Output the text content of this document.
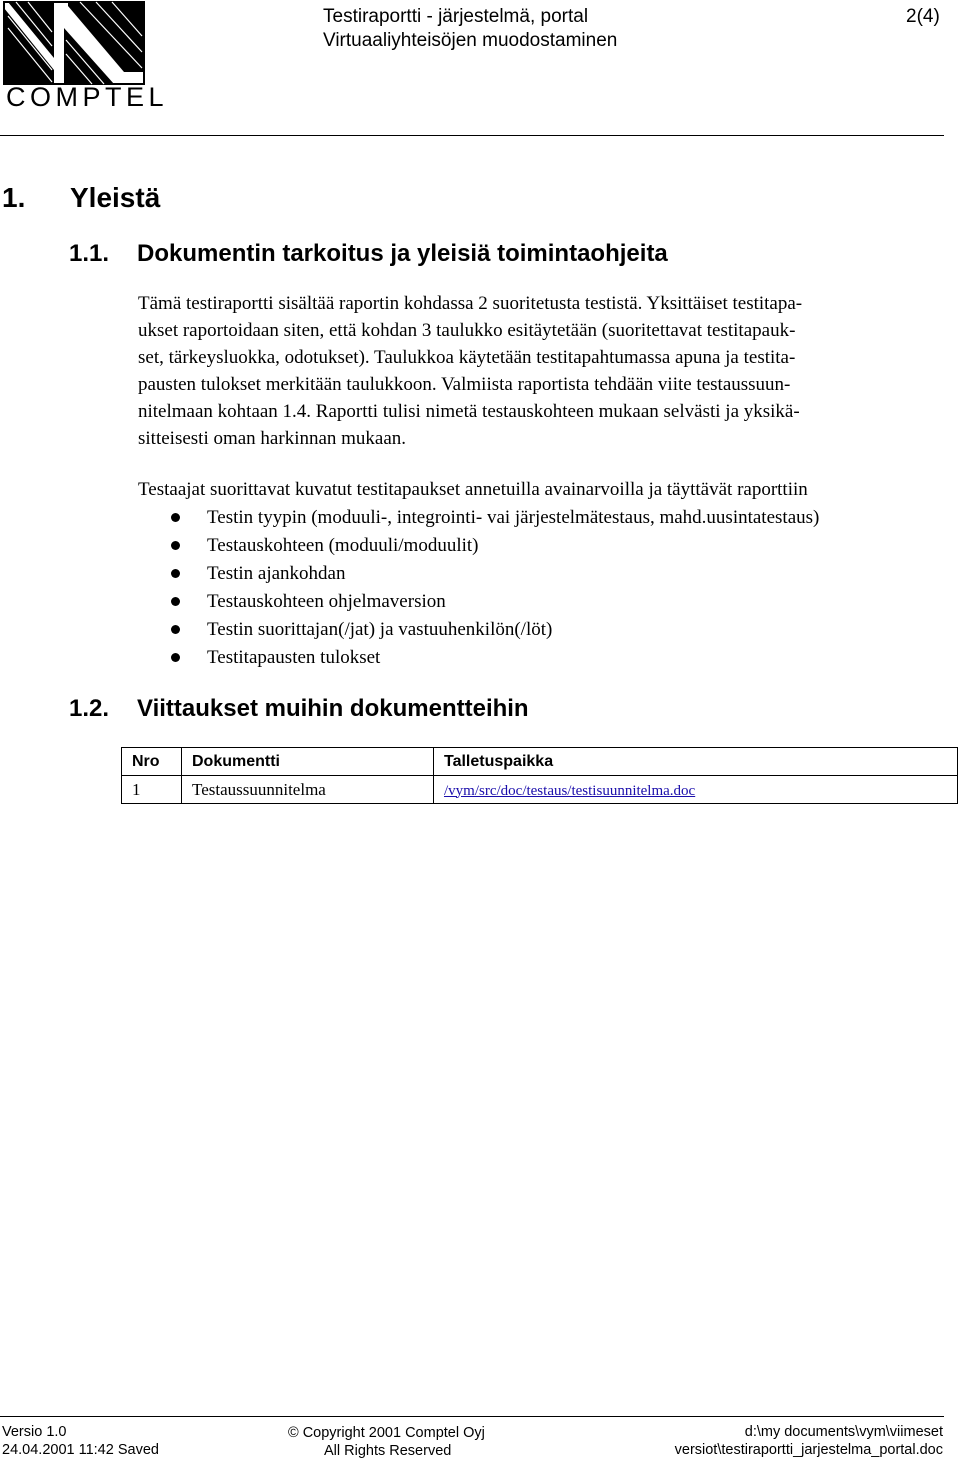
COMPTEL
Testiraportti - järjestelmä, portal
Virtuaaliyhteisöjen muodostaminen
2(4)
1. Yleistä
1.1. Dokumentin tarkoitus ja yleisiä toimintaohjeita
Tämä testiraportti sisältää raportin kohdassa 2 suoritetusta testistä. Yksittäiset testitapa-
ukset raportoidaan siten, että kohdan 3 taulukko esitäytetään (suoritettavat testitapauk-
set, tärkeysluokka, odotukset). Taulukkoa käytetään testitapahtumassa apuna ja testita-
pausten tulokset merkitään taulukkoon. Valmiista raportista tehdään viite testaussuun-
nitelmaan kohtaan 1.4. Raportti tulisi nimetä testauskohteen mukaan selvästi ja yksikä-
sitteisesti oman harkinnan mukaan.
Testaajat suorittavat kuvatut testitapaukset annetuilla avainarvoilla ja täyttävät raporttiin
Testin tyypin (moduuli-, integrointi- vai järjestelmätestaus, mahd.uusintatestaus)
Testauskohteen (moduuli/moduulit)
Testin ajankohdan
Testauskohteen ohjelmaversion
Testin suorittajan(/jat) ja vastuuhenkilön(/löt)
Testitapausten tulokset
1.2. Viittaukset muihin dokumentteihin
Nro	Dokumentti	Talletuspaikka
1	Testaussuunnitelma	/vym/src/doc/testaus/testisuunnitelma.doc
Versio 1.0
24.04.2001 11:42 Saved
© Copyright 2001 Comptel Oyj
All Rights Reserved
d:\my documents\vym\viimeset
versiot\testiraportti_jarjestelma_portal.doc
